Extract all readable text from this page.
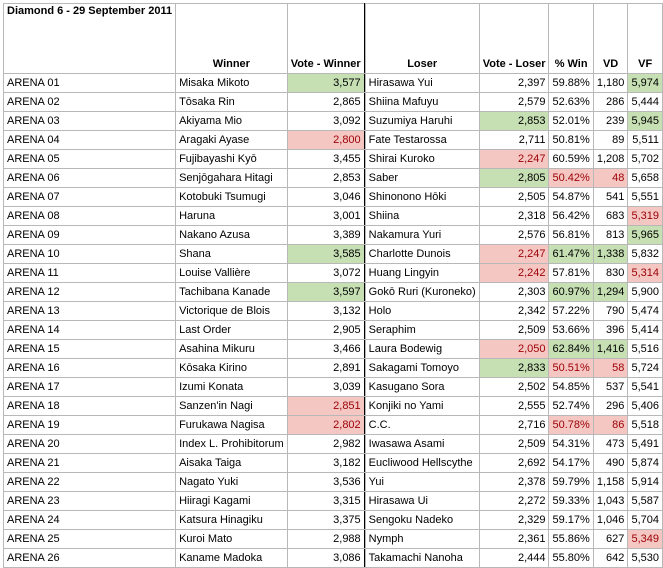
Diamond 6 - 29 September 2011	Winner	Vote - Winner		Loser	Vote - Loser	% Win	VD	VF
ARENA 01	Misaka Mikoto	3,577		Hirasawa Yui	2,397	59.88%	1,180	5,974
ARENA 02	Tōsaka Rin	2,865		Shiina Mafuyu	2,579	52.63%	286	5,444
ARENA 03	Akiyama Mio	3,092		Suzumiya Haruhi	2,853	52.01%	239	5,945
ARENA 04	Aragaki Ayase	2,800		Fate Testarossa	2,711	50.81%	89	5,511
ARENA 05	Fujibayashi Kyō	3,455		Shirai Kuroko	2,247	60.59%	1,208	5,702
ARENA 06	Senjōgahara Hitagi	2,853		Saber	2,805	50.42%	48	5,658
ARENA 07	Kotobuki Tsumugi	3,046		Shinonono Hōki	2,505	54.87%	541	5,551
ARENA 08	Haruna	3,001		Shiina	2,318	56.42%	683	5,319
ARENA 09	Nakano Azusa	3,389		Nakamura Yuri	2,576	56.81%	813	5,965
ARENA 10	Shana	3,585		Charlotte Dunois	2,247	61.47%	1,338	5,832
ARENA 11	Louise Vallière	3,072		Huang Lingyin	2,242	57.81%	830	5,314
ARENA 12	Tachibana Kanade	3,597		Gokō Ruri (Kuroneko)	2,303	60.97%	1,294	5,900
ARENA 13	Victorique de Blois	3,132		Holo	2,342	57.22%	790	5,474
ARENA 14	Last Order	2,905		Seraphim	2,509	53.66%	396	5,414
ARENA 15	Asahina Mikuru	3,466		Laura Bodewig	2,050	62.84%	1,416	5,516
ARENA 16	Kōsaka Kirino	2,891		Sakagami Tomoyo	2,833	50.51%	58	5,724
ARENA 17	Izumi Konata	3,039		Kasugano Sora	2,502	54.85%	537	5,541
ARENA 18	Sanzen'in Nagi	2,851		Konjiki no Yami	2,555	52.74%	296	5,406
ARENA 19	Furukawa Nagisa	2,802		C.C.	2,716	50.78%	86	5,518
ARENA 20	Index L. Prohibitorum	2,982		Iwasawa Asami	2,509	54.31%	473	5,491
ARENA 21	Aisaka Taiga	3,182		Eucliwood Hellscythe	2,692	54.17%	490	5,874
ARENA 22	Nagato Yuki	3,536		Yui	2,378	59.79%	1,158	5,914
ARENA 23	Hiiragi Kagami	3,315		Hirasawa Ui	2,272	59.33%	1,043	5,587
ARENA 24	Katsura Hinagiku	3,375		Sengoku Nadeko	2,329	59.17%	1,046	5,704
ARENA 25	Kuroi Mato	2,988		Nymph	2,361	55.86%	627	5,349
ARENA 26	Kaname Madoka	3,086		Takamachi Nanoha	2,444	55.80%	642	5,530
